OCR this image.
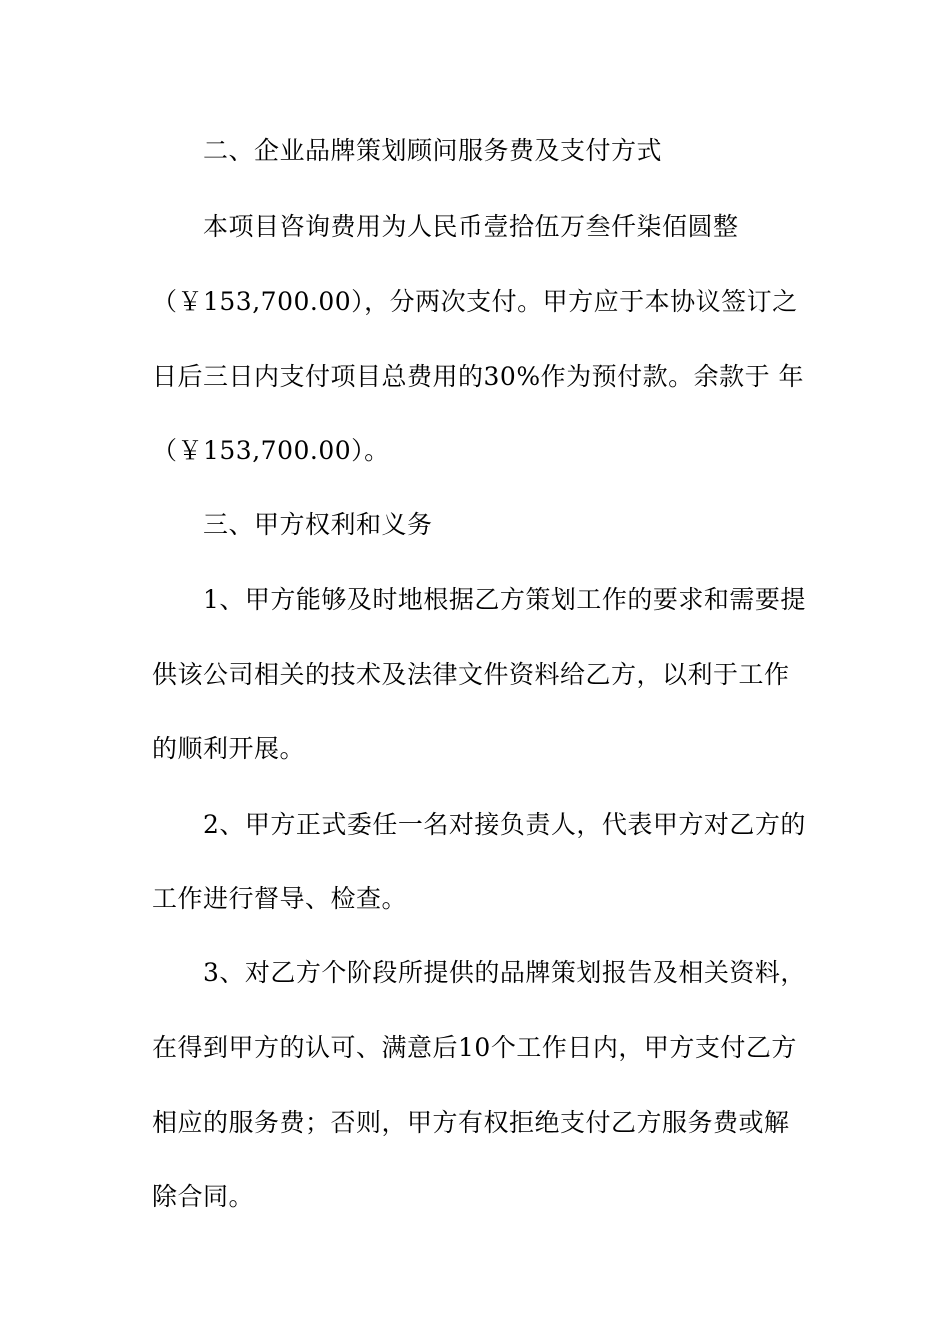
二、企业品牌策划顾问服务费及支付方式
本项目咨询费用为人民币壹拾伍万叁仟柒佰圆整
（￥153,700.00），分两次支付。甲方应于本协议签订之
日后三日内支付项目总费用的30%作为预付款。余款于 年
（￥153,700.00）。
三、甲方权利和义务
1、甲方能够及时地根据乙方策划工作的要求和需要提
供该公司相关的技术及法律文件资料给乙方，以利于工作
的顺利开展。
2、甲方正式委任一名对接负责人，代表甲方对乙方的
工作进行督导、检查。
3、对乙方个阶段所提供的品牌策划报告及相关资料，
在得到甲方的认可、满意后10个工作日内，甲方支付乙方
相应的服务费；否则，甲方有权拒绝支付乙方服务费或解
除合同。
